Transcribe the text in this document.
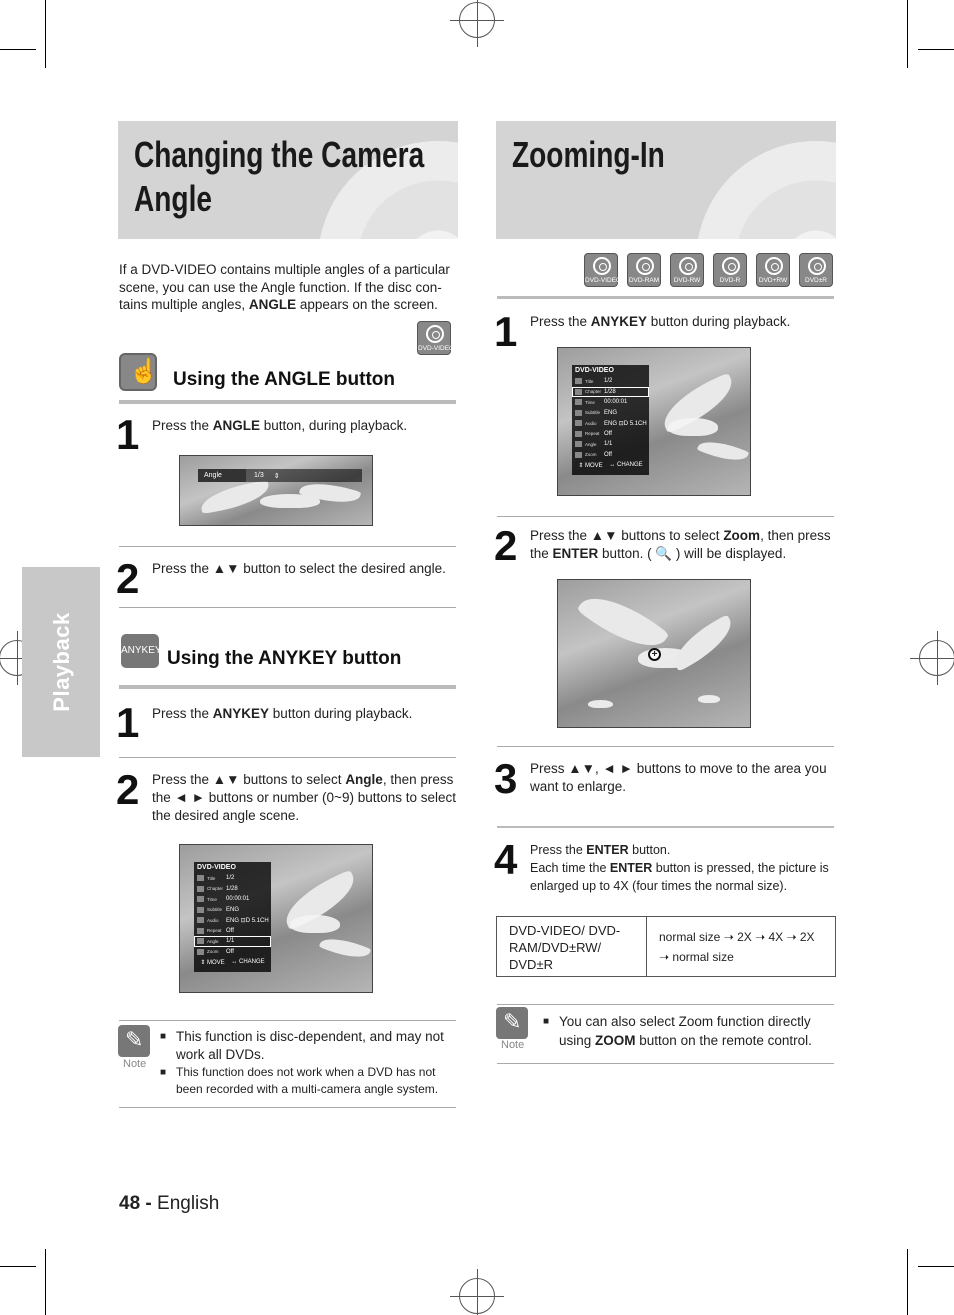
Playback
Changing the Camera
Angle
If a DVD-VIDEO contains multiple angles of a particular scene, you can use the Angle function. If the disc con-tains multiple angles, ANGLE appears on the screen.
DVD-VIDEO
☝
Using the ANGLE button
1 Press the ANGLE button, during playback.
Angle	1/3 ⇕
2 Press the ▲▼ button to select the desired angle.
ANYKEY Using the ANYKEY button
1 Press the ANYKEY button during playback.
2 Press the ▲▼ buttons to select Angle, then press the ◄ ► buttons or number (0~9) buttons to select the desired angle scene.
DVD-VIDEO
Title	1/2
Chapter 1/28
Time	00:00:01
Subtitle ENG
Audio	ENG ⊡D 5.1CH
Repeat Off
Angle	1/1
Zoom	Off
⇕ MOVE ↔ CHANGE
✎
Note
■ This function is disc-dependent, and may not work all DVDs.
■ This function does not work when a DVD has not been recorded with a multi-camera angle system.
Zooming-In
DVD-VIDEO DVD-RAM	DVD-RW	DVD-R	DVD+RW	DVD±R
1 Press the ANYKEY button during playback.
DVD-VIDEO
Title	1/2
Chapter 1/28
Time	00:00:01
Subtitle ENG
Audio	ENG ⊡D 5.1CH
Repeat Off
Angle	1/1
Zoom	Off
⇕ MOVE ↔ CHANGE
2 Press the ▲▼ buttons to select Zoom, then press the ENTER button. ( 🔍 ) will be displayed.
+
3 Press ▲▼, ◄ ► buttons to move to the area you want to enlarge.
4 Press the ENTER button.
Each time the ENTER button is pressed, the picture is enlarged up to 4X (four times the normal size).
DVD-VIDEO/ DVD-RAM/DVD±RW/ DVD±R
normal size ➝ 2X ➝ 4X ➝ 2X ➝ normal size
✎
Note
■ You can also select Zoom function directly using ZOOM button on the remote control.
48 - English
